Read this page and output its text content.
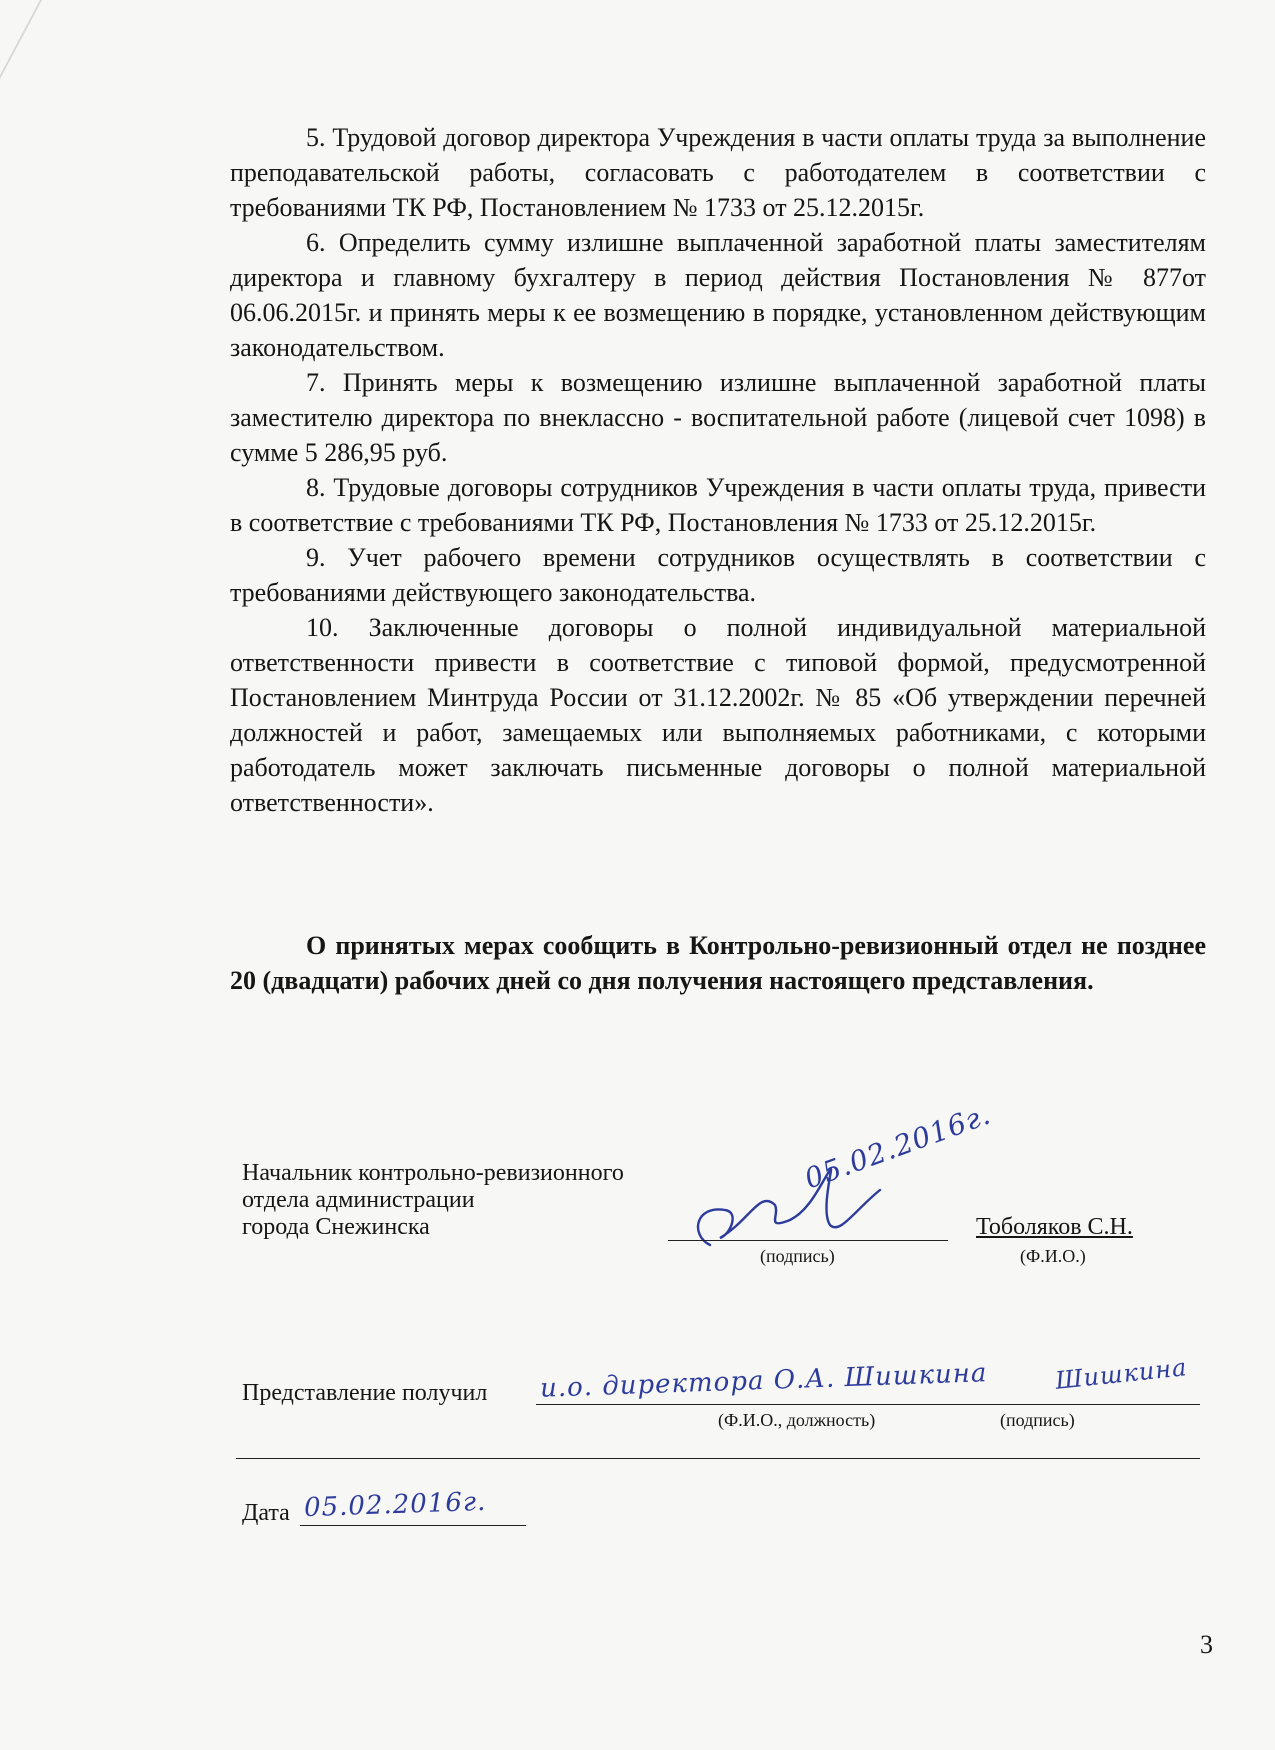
5. Трудовой договор директора Учреждения в части оплаты труда за выполнение преподавательской работы, согласовать с работодателем в соответствии с требованиями ТК РФ, Постановлением № 1733 от 25.12.2015г.

6. Определить сумму излишне выплаченной заработной платы заместителям директора и главному бухгалтеру в период действия Постановления № 877от 06.06.2015г. и принять меры к ее возмещению в порядке, установленном действующим законодательством.

7. Принять меры к возмещению излишне выплаченной заработной платы заместителю директора по внеклассно - воспитательной работе (лицевой счет 1098) в сумме 5 286,95 руб.

8. Трудовые договоры сотрудников Учреждения в части оплаты труда, привести в соответствие с требованиями ТК РФ, Постановления № 1733 от 25.12.2015г.

9. Учет рабочего времени сотрудников осуществлять в соответствии с требованиями действующего законодательства.

10. Заключенные договоры о полной индивидуальной материальной ответственности привести в соответствие с типовой формой, предусмотренной Постановлением Минтруда России от 31.12.2002г. № 85 «Об утверждении перечней должностей и работ, замещаемых или выполняемых работниками, с которыми работодатель может заключать письменные договоры о полной материальной ответственности».

О принятых мерах сообщить в Контрольно-ревизионный отдел не позднее 20 (двадцати) рабочих дней со дня получения настоящего представления.

Начальник контрольно-ревизионного
отдела администрации
города Снежинска
05.02.2016г.
Тоболяков С.Н.
(подпись)	(Ф.И.О.)
Представление получил и.о. директора О.А. Шишкина	Шишкина
(Ф.И.О., должность)	(подпись)
Дата 05.02.2016г.
3
